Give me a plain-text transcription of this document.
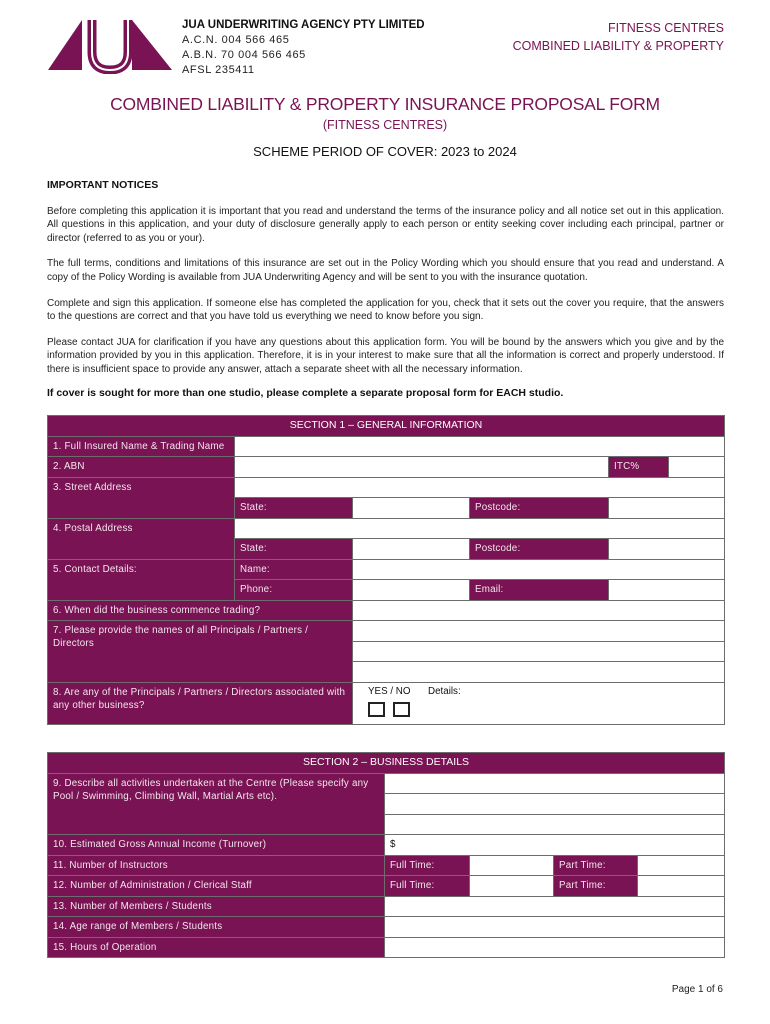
JUA UNDERWRITING AGENCY PTY LIMITED
A.C.N. 004 566 465
A.B.N. 70 004 566 465
AFSL 235411
FITNESS CENTRES
COMBINED LIABILITY & PROPERTY
COMBINED LIABILITY & PROPERTY INSURANCE PROPOSAL FORM
(FITNESS CENTRES)
SCHEME PERIOD OF COVER: 2023 to 2024
IMPORTANT NOTICES

Before completing this application it is important that you read and understand the terms of the insurance policy and all notice set out in this application. All questions in this application, and your duty of disclosure generally apply to each person or entity seeking cover including each principal, partner or director (referred to as you or your).

The full terms, conditions and limitations of this insurance are set out in the Policy Wording which you should ensure that you read and understand. A copy of the Policy Wording is available from JUA Underwriting Agency and will be sent to you with the insurance quotation.

Complete and sign this application. If someone else has completed the application for you, check that it sets out the cover you require, that the answers to the questions are correct and that you have told us everything we need to know before you sign.

Please contact JUA for clarification if you have any questions about this application form. You will be bound by the answers which you give and by the information provided by you in this application. Therefore, it is in your interest to make sure that all the information is correct and properly understood. If there is insufficient space to provide any answer, attach a separate sheet with all the necessary information.

If cover is sought for more than one studio, please complete a separate proposal form for EACH studio.

SECTION 1 – GENERAL INFORMATION					
1. Full Insured Name & Trading Name					
2. ABN				ITC%	
3. Street Address					
	State:		Postcode:		
4. Postal Address					
	State:		Postcode:		
5. Contact Details:	Name:				
	Phone:		Email:		
6. When did the business commence trading?					
7. Please provide the names of all Principals / Partners / Directors					

8. Are any of the Principals / Partners / Directors associated with any other business?		YES / NO Details:			
SECTION 2 – BUSINESS DETAILS				
9. Describe all activities undertaken at the Centre (Please specify any Pool / Swimming, Climbing Wall, Martial Arts etc).				

10. Estimated Gross Annual Income (Turnover)	$			
11. Number of Instructors	Full Time:		Part Time:	
12. Number of Administration / Clerical Staff	Full Time:		Part Time:	
13. Number of Members / Students				
14. Age range of Members / Students				
15. Hours of Operation				
Page 1 of 6
